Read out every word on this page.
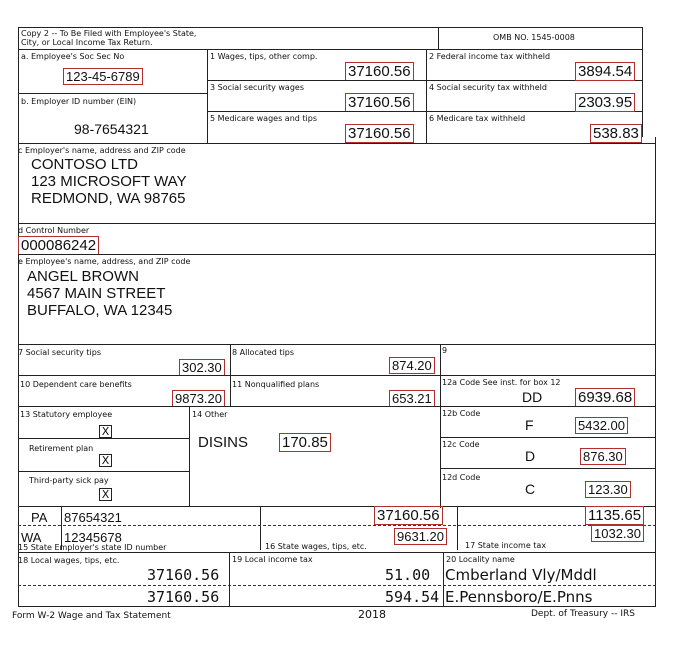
Copy 2 -- To Be Filed with Employee's State,
City, or Local Income Tax Return.
OMB NO. 1545-0008
a. Employee's Soc Sec No
123-45-6789
b. Employer ID number (EIN)
98-7654321
1 Wages, tips, other comp.
37160.56
2 Federal income tax withheld
3894.54
3 Social security wages
37160.56
4 Social security tax withheld
2303.95
5 Medicare wages and tips
37160.56
6 Medicare tax withheld
538.83
c Employer's name, address and ZIP code
CONTOSO LTD
123 MICROSOFT WAY
REDMOND, WA 98765
d Control Number
000086242
e Employee's name, address, and ZIP code
ANGEL BROWN
4567 MAIN STREET
BUFFALO, WA 12345
7 Social security tips
302.30
8 Allocated tips
874.20
9
10 Dependent care benefits
9873.20
11 Nonqualified plans
653.21
12a Code See inst. for box 12
DD 6939.68
13 Statutory employee
X
Retirement plan
X
Third-party sick pay
X
14 Other
DISINS 170.85
12b Code
F	5432.00
12c Code
D	876.30
12d Code
C	123.30
PA 87654321	37160.56	1135.65
WA 12345678	9631.20	1032.30
15 State Employer's state ID number	16 State wages, tips, etc.	17 State income tax
18 Local wages, tips, etc.	19 Local income tax	20 Locality name
37160.56	51.00 Cmberland Vly/Mddl
37160.56	594.54 E.Pennsboro/E.Pnns
Form W-2 Wage and Tax Statement	2018	Dept. of Treasury -- IRS
